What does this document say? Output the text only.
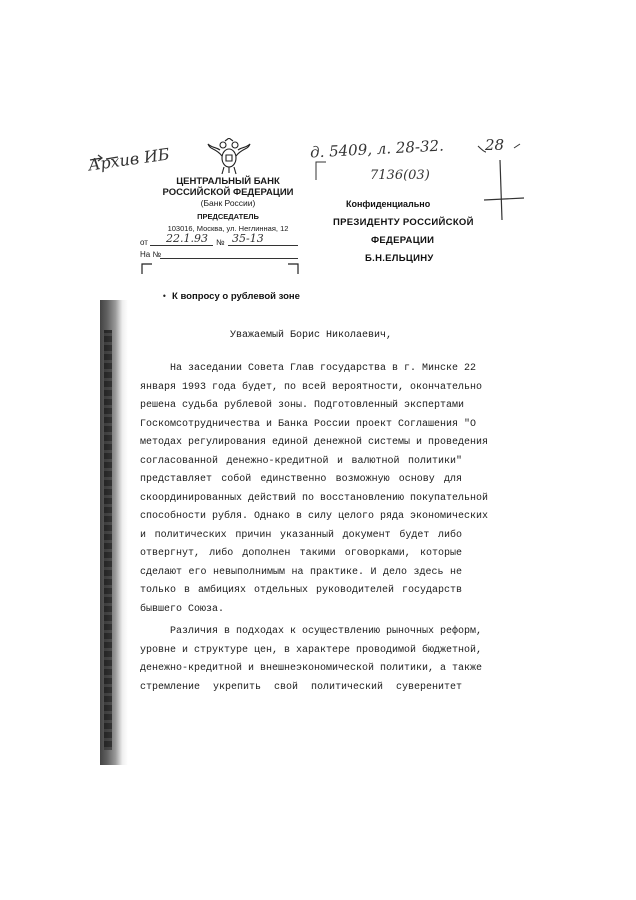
Архив ИБ	д. 5409, л. 28-32.	28
7136(03)
ЦЕНТРАЛЬНЫЙ БАНК
РОССИЙСКОЙ ФЕДЕРАЦИИ
(Банк России)
ПРЕДСЕДАТЕЛЬ
103016, Москва, ул. Неглинная, 12
от 22.1.93 № 35-13
На №
Конфиденциально
ПРЕЗИДЕНТУ РОССИЙСКОЙ
ФЕДЕРАЦИИ
Б.Н.ЕЛЬЦИНУ
• К вопросу о рублевой зоне
Уважаемый Борис Николаевич,

На заседании Совета Глав государства в г. Минске 22

января 1993 года будет, по всей вероятности, окончательно

решена судьба рублевой зоны. Подготовленный экспертами

Госкомсотрудничества и Банка России проект Соглашения "О

методах регулирования единой денежной системы и проведения

согласованной денежно-кредитной и валютной политики"

представляет собой единственно возможную основу для

скоординированных действий по восстановлению покупательной

способности рубля. Однако в силу целого ряда экономических

и политических причин указанный документ будет либо

отвергнут, либо дополнен такими оговорками, которые

сделают его невыполнимым на практике. И дело здесь не

только в амбициях отдельных руководителей государств

бывшего Союза.

Различия в подходах к осуществлению рыночных реформ,

уровне и структуре цен, в характере проводимой бюджетной,

денежно-кредитной и внешнеэкономической политики, а также

стремление укрепить свой политический суверенитет
